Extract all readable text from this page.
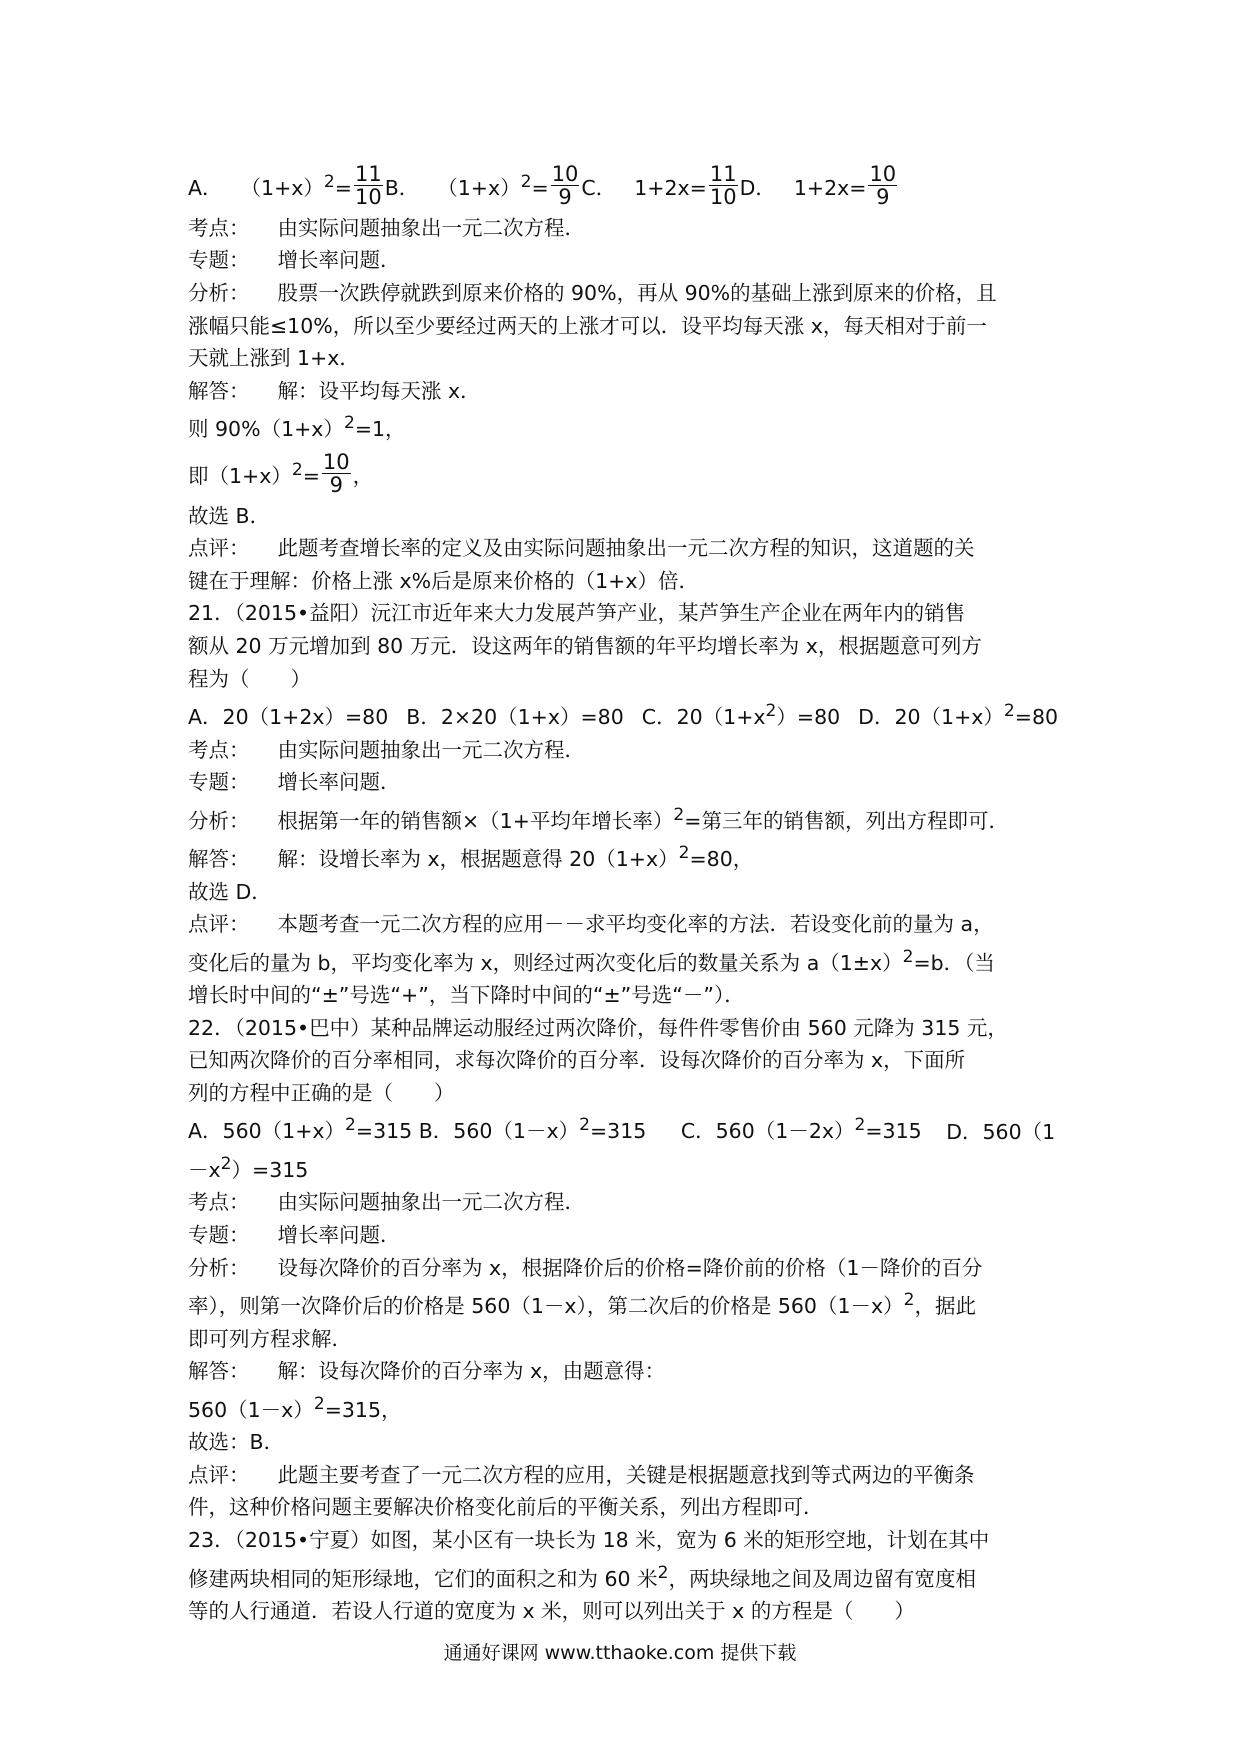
A． $(1+x)^2= \frac{11}{10}$ B． $(1+x)^2= \frac{10}{9}$ C． $1+2x= \frac{11}{10}$ D． $1+2x= \frac{10}{9}$
考点： 由实际问题抽象出一元二次方程．
专题： 增长率问题．
分析： 股票一次跌停就跌到原来价格的 90%，再从 90%的基础上涨到原来的价格，且
涨幅只能≤10%，所以至少要经过两天的上涨才可以．设平均每天涨 x，每天相对于前一
天就上涨到 1+x．
解答： 解：设平均每天涨 x．
则 $90\%(1+x)^2=1$，
即$(1+x)^2= \frac{10}{9}$ ，
故选 B．
点评： 此题考查增长率的定义及由实际问题抽象出一元二次方程的知识，这道题的关
键在于理解：价格上涨 x%后是原来价格的（1+x）倍．
21．（2015•益阳）沅江市近年来大力发展芦笋产业，某芦笋生产企业在两年内的销售
额从 20 万元增加到 80 万元．设这两年的销售额的年平均增长率为 x，根据题意可列方
程为（　　）
A．20（1+2x）=80 B．2×20（1+x）=80 C．$20(1+x^2)=80$ D．$20(1+x)^2=80$
考点： 由实际问题抽象出一元二次方程．
专题： 增长率问题．
分析： 根据第一年的销售额×（1+平均年增长率）$^2$=第三年的销售额，列出方程即可．
解答： 解：设增长率为 x，根据题意得 $20(1+x)^2=80$，
故选 D．
点评： 本题考查一元二次方程的应用－－求平均变化率的方法．若设变化前的量为 a，
变化后的量为 b，平均变化率为 x，则经过两次变化后的数量关系为 $a(1\pm x)^2=b$．（当
增长时中间的“±”号选“+”，当下降时中间的“±”号选“－”）．
22．（2015•巴中）某种品牌运动服经过两次降价，每件件零售价由 560 元降为 315 元，
已知两次降价的百分率相同，求每次降价的百分率．设每次降价的百分率为 x，下面所
列的方程中正确的是（　　）
A．$560(1+x)^2=315$ B．$560(1-x)^2=315$ C．$560(1-2x)^2=315$ D．560（1
$-x^2)=315$
考点： 由实际问题抽象出一元二次方程．
专题： 增长率问题．
分析： 设每次降价的百分率为 x，根据降价后的价格=降价前的价格（1－降价的百分
率），则第一次降价后的价格是 560（1－x），第二次后的价格是 $560(1-x)^2$，据此
即可列方程求解．
解答： 解：设每次降价的百分率为 x，由题意得：
$560(1-x)^2=315$，
故选：B．
点评： 此题主要考查了一元二次方程的应用，关键是根据题意找到等式两边的平衡条
件，这种价格问题主要解决价格变化前后的平衡关系，列出方程即可．
23．（2015•宁夏）如图，某小区有一块长为 18 米，宽为 6 米的矩形空地，计划在其中
修建两块相同的矩形绿地，它们的面积之和为 60 米$^2$，两块绿地之间及周边留有宽度相
等的人行通道．若设人行道的宽度为 x 米，则可以列出关于 x 的方程是（　　）
通通好课网 www.tthaoke.com 提供下载
